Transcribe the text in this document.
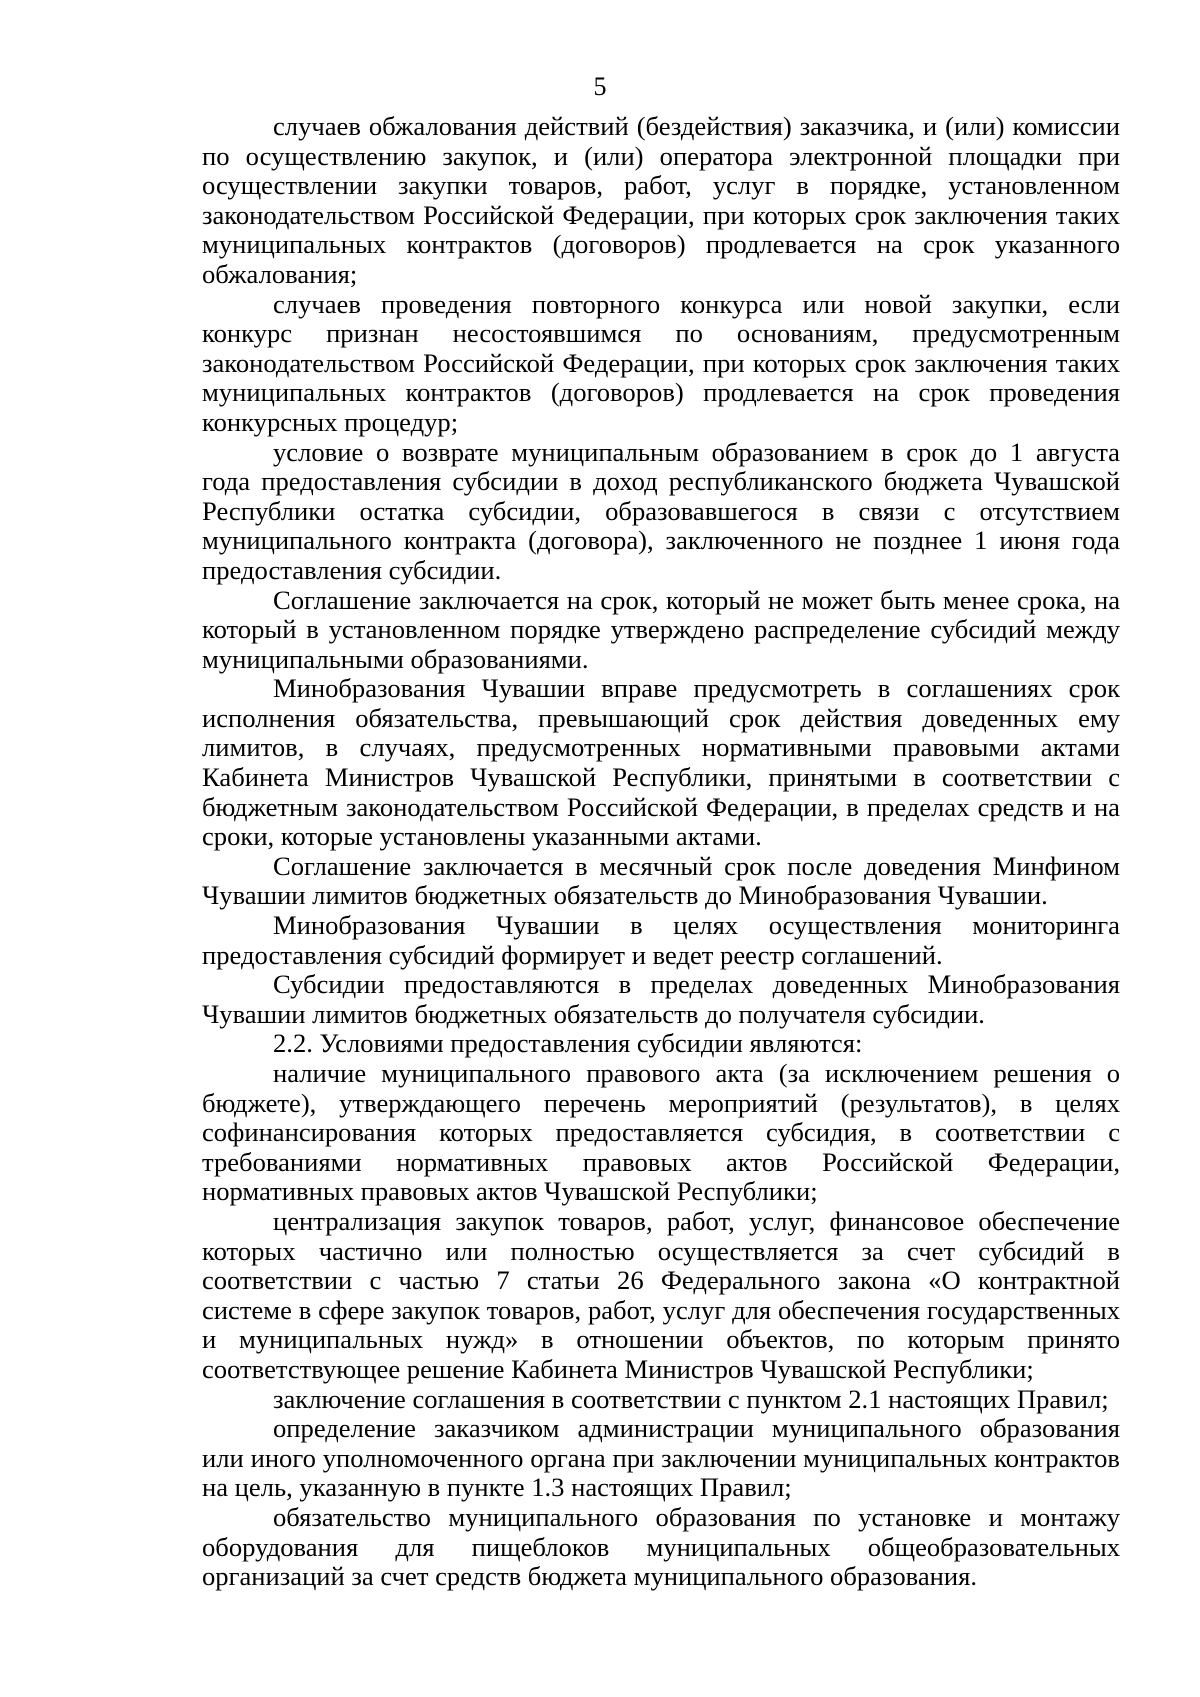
5

случаев обжалования действий (бездействия) заказчика, и (или) комиссии по осуществлению закупок, и (или) оператора электронной площадки при осуществлении закупки товаров, работ, услуг в порядке, установленном законодательством Российской Федерации, при которых срок заключения таких муниципальных контрактов (договоров) продлевается на срок указанного обжалования;

случаев проведения повторного конкурса или новой закупки, если конкурс признан несостоявшимся по основаниям, предусмотренным законодательством Российской Федерации, при которых срок заключения таких муниципальных контрактов (договоров) продлевается на срок проведения конкурсных процедур;

условие о возврате муниципальным образованием в срок до 1 августа года предоставления субсидии в доход республиканского бюджета Чувашской Республики остатка субсидии, образовавшегося в связи с отсутствием муниципального контракта (договора), заключенного не позднее 1 июня года предоставления субсидии.

Соглашение заключается на срок, который не может быть менее срока, на который в установленном порядке утверждено распределение субсидий между муниципальными образованиями.

Минобразования Чувашии вправе предусмотреть в соглашениях срок исполнения обязательства, превышающий срок действия доведенных ему лимитов, в случаях, предусмотренных нормативными правовыми актами Кабинета Министров Чувашской Республики, принятыми в соответствии с бюджетным законодательством Российской Федерации, в пределах средств и на сроки, которые установлены указанными актами.

Соглашение заключается в месячный срок после доведения Минфином Чувашии лимитов бюджетных обязательств до Минобразования Чувашии.

Минобразования Чувашии в целях осуществления мониторинга предоставления субсидий формирует и ведет реестр соглашений.

Субсидии предоставляются в пределах доведенных Минобразования Чувашии лимитов бюджетных обязательств до получателя субсидии.

2.2. Условиями предоставления субсидии являются:

наличие муниципального правового акта (за исключением решения о бюджете), утверждающего перечень мероприятий (результатов), в целях софинансирования которых предоставляется субсидия, в соответствии с требованиями нормативных правовых актов Российской Федерации, нормативных правовых актов Чувашской Республики;

централизация закупок товаров, работ, услуг, финансовое обеспечение которых частично или полностью осуществляется за счет субсидий в соответствии с частью 7 статьи 26 Федерального закона «О контрактной системе в сфере закупок товаров, работ, услуг для обеспечения государственных и муниципальных нужд» в отношении объектов, по которым принято соответствующее решение Кабинета Министров Чувашской Республики;

заключение соглашения в соответствии с пунктом 2.1 настоящих Правил;

определение заказчиком администрации муниципального образования или иного уполномоченного органа при заключении муниципальных контрактов на цель, указанную в пункте 1.3 настоящих Правил;

обязательство муниципального образования по установке и монтажу оборудования для пищеблоков муниципальных общеобразовательных организаций за счет средств бюджета муниципального образования.
